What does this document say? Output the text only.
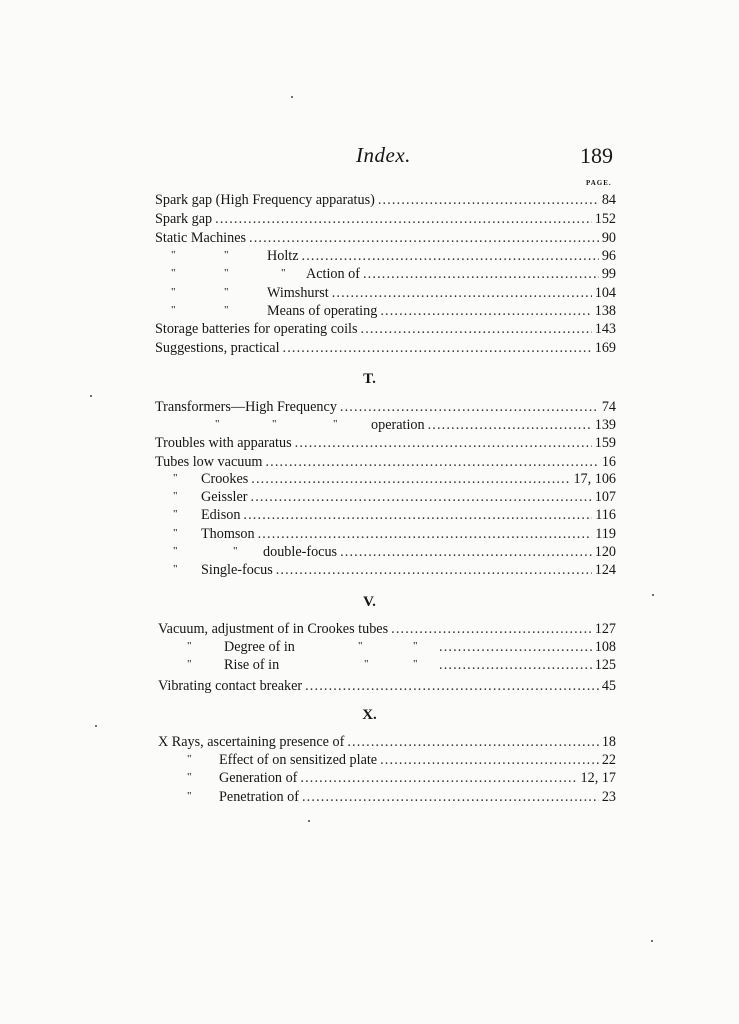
Index.	189
PAGE.
Spark gap (High Frequency apparatus) . . .	84
Spark gap . . .	152
Static Machines . . .	90
"	"	Holtz . . .	96
"	"	" Action of . . .	99
"	"	Wimshurst . . .	104
"	"	Means of operating . . .	138
Storage batteries for operating coils . . .	143
Suggestions, practical . . .	169
T.
Transformers—High Frequency . . .	74
"	"	" operation . . .	139
Troubles with apparatus . . .	159
Tubes low vacuum . . .	16
" Crookes . . .	17, 106
" Geissler . . .	107
" Edison . . .	116
" Thomson . . .	119
"	" double-focus . . .	120
" Single-focus . . .	124
V.
Vacuum, adjustment of in Crookes tubes . . .	127
" Degree of in	"	" . . .	108
" Rise of in	"	" . . .	125
Vibrating contact breaker . . .	45
X.
X Rays, ascertaining presence of . . .	18
" Effect of on sensitized plate . . .	22
" Generation of . . .	12, 17
" Penetration of . . .	23
